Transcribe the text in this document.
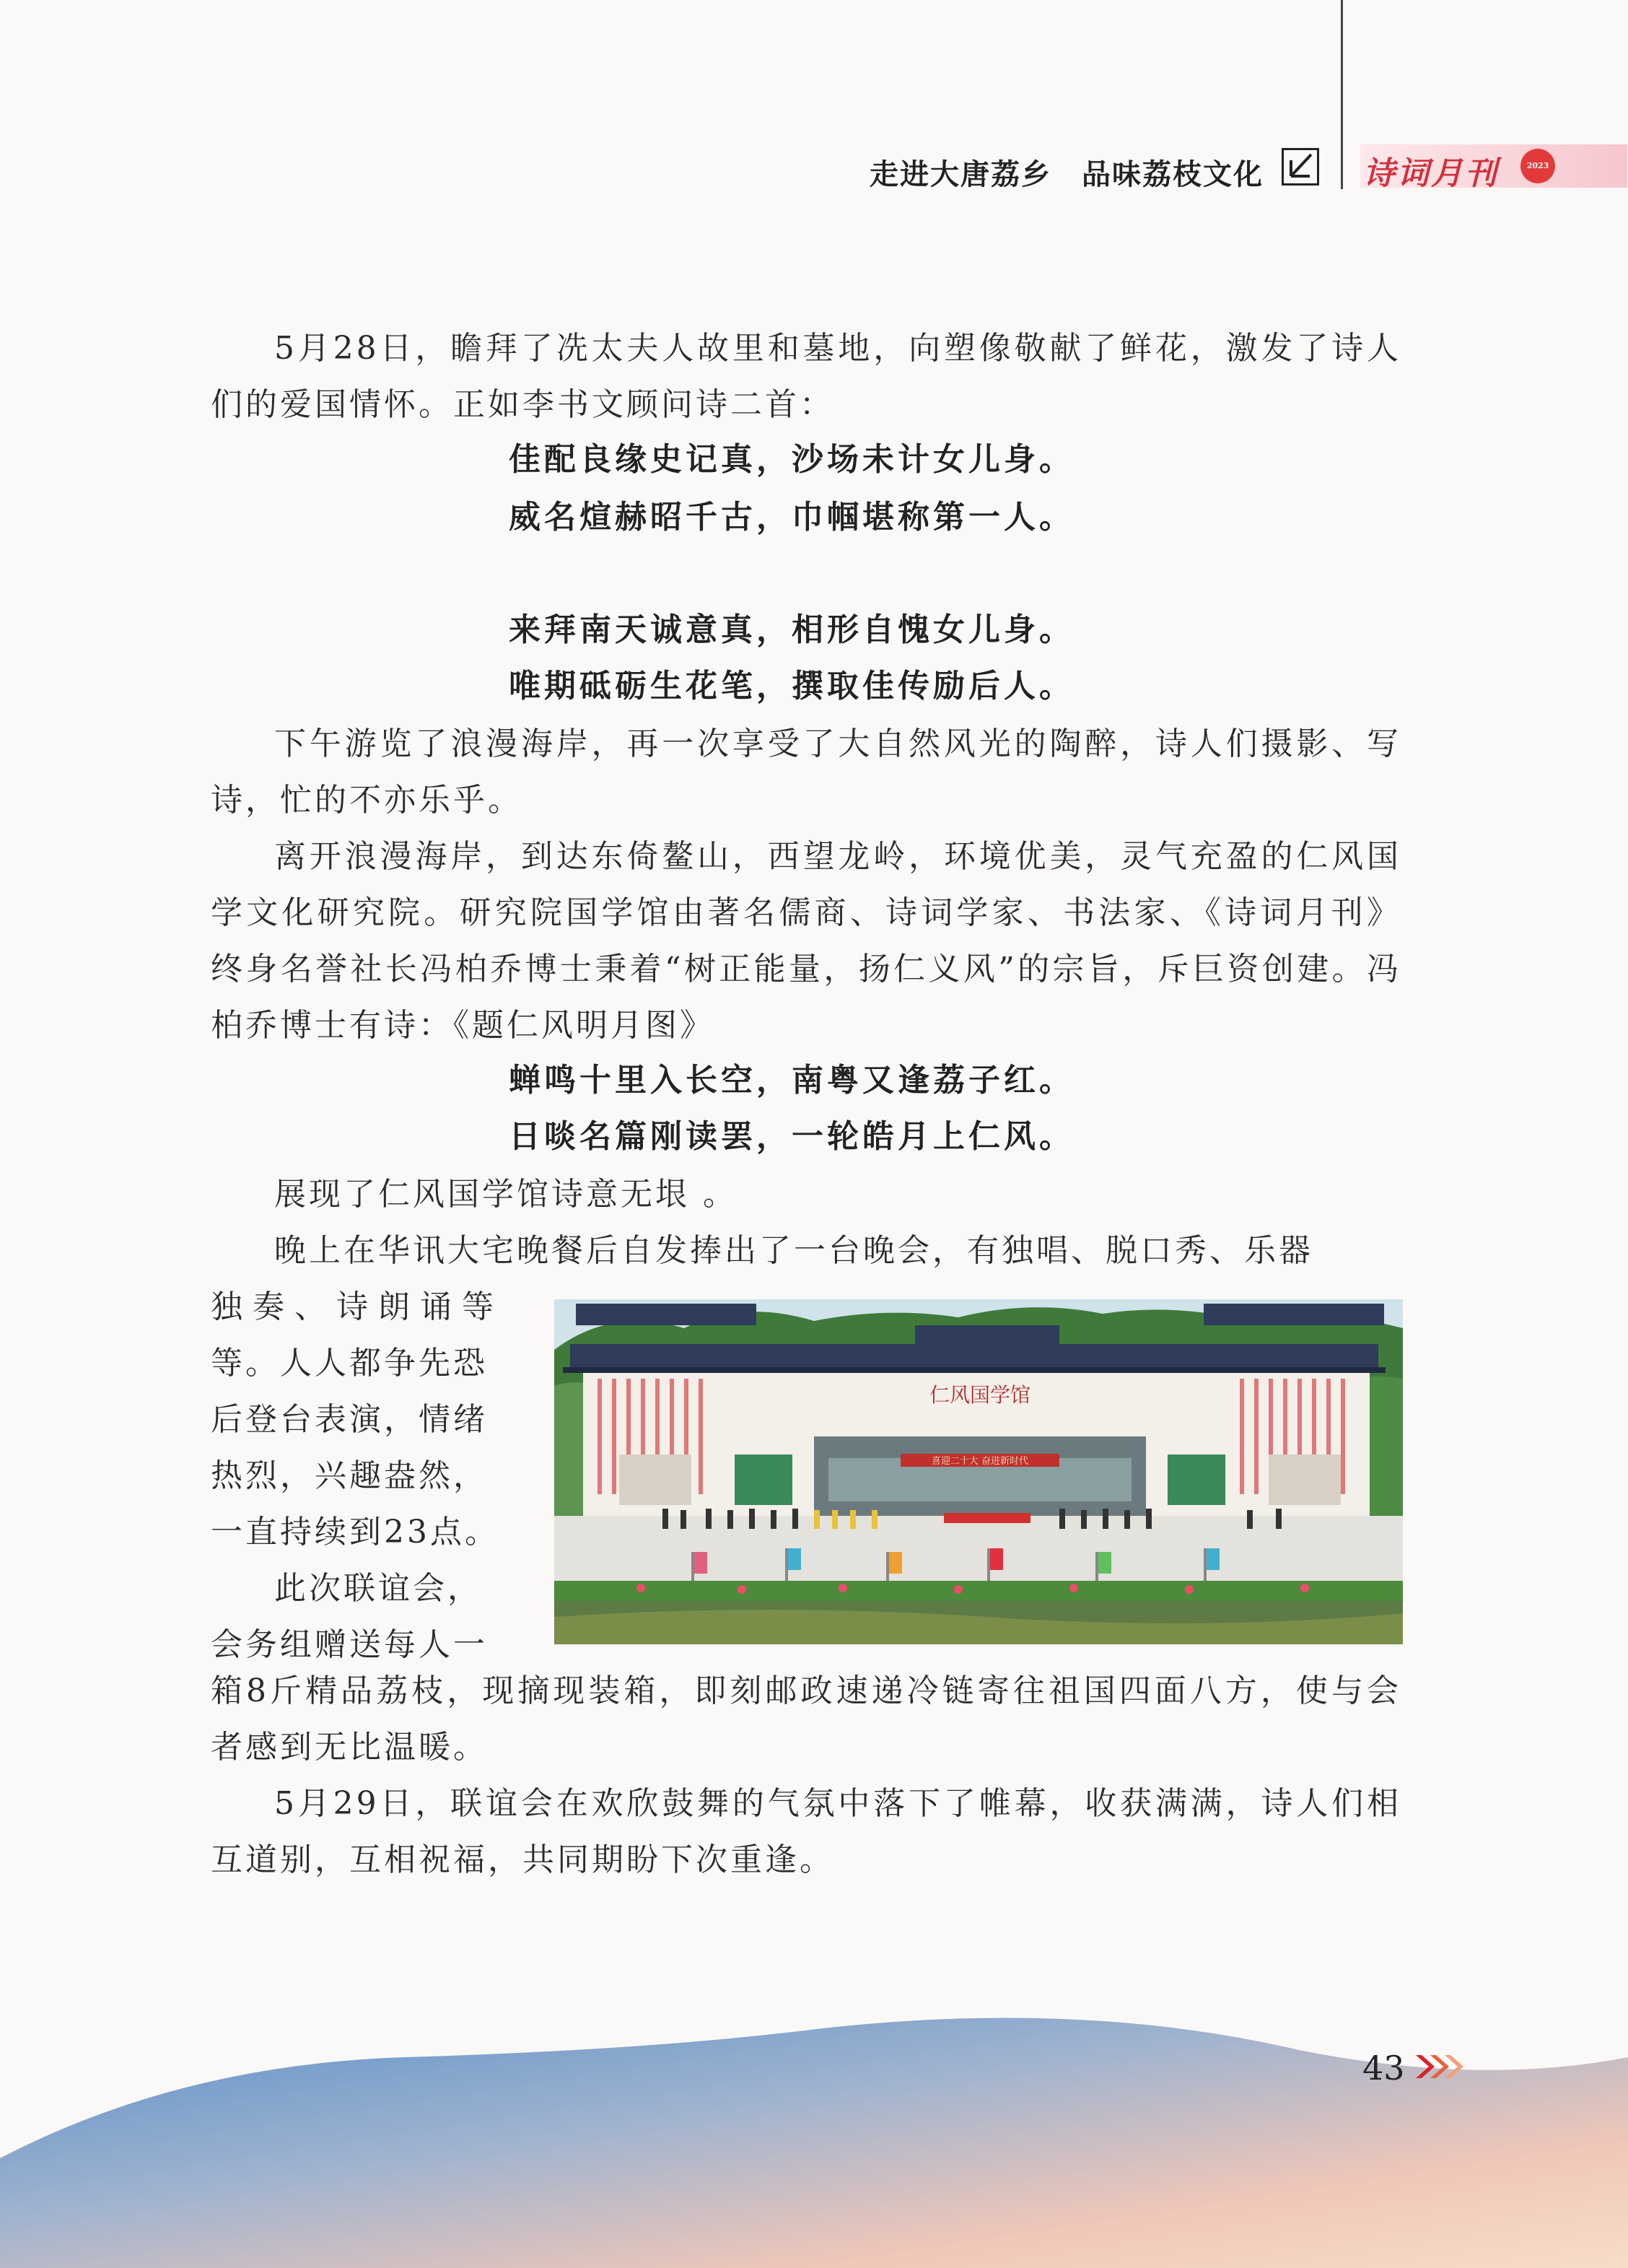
走进大唐荔乡　品味荔枝文化	诗词月刊	2023

5月28日，瞻拜了冼太夫人故里和墓地，向塑像敬献了鲜花，激发了诗人们的爱国情怀。正如李书文顾问诗二首：

佳配良缘史记真，沙场未计女儿身。
威名煊赫昭千古，巾帼堪称第一人。
来拜南天诚意真，相形自愧女儿身。
唯期砥砺生花笔，撰取佳传励后人。

下午游览了浪漫海岸，再一次享受了大自然风光的陶醉，诗人们摄影、写诗，忙的不亦乐乎。

离开浪漫海岸，到达东倚鳌山，西望龙岭，环境优美，灵气充盈的仁风国学文化研究院。研究院国学馆由著名儒商、诗词学家、书法家、《诗词月刊》终身名誉社长冯柏乔博士秉着“树正能量，扬仁义风”的宗旨，斥巨资创建。冯柏乔博士有诗：《题仁风明月图》

蝉鸣十里入长空，南粤又逢荔子红。
日啖名篇刚读罢，一轮皓月上仁风。

展现了仁风国学馆诗意无垠 。

晚上在华讯大宅晚餐后自发捧出了一台晚会，有独唱、脱口秀、乐器

独奏、诗朗诵等
等。人人都争先恐
后登台表演，情绪
热烈，兴趣盎然，
一直持续到23点。
此次联谊会，
会务组赠送每人一
仁风国学馆
喜迎二十大 奋进新时代

箱8斤精品荔枝，现摘现装箱，即刻邮政速递冷链寄往祖国四面八方，使与会者感到无比温暖。

5月29日，联谊会在欢欣鼓舞的气氛中落下了帷幕，收获满满，诗人们相互道别，互相祝福，共同期盼下次重逢。

43
